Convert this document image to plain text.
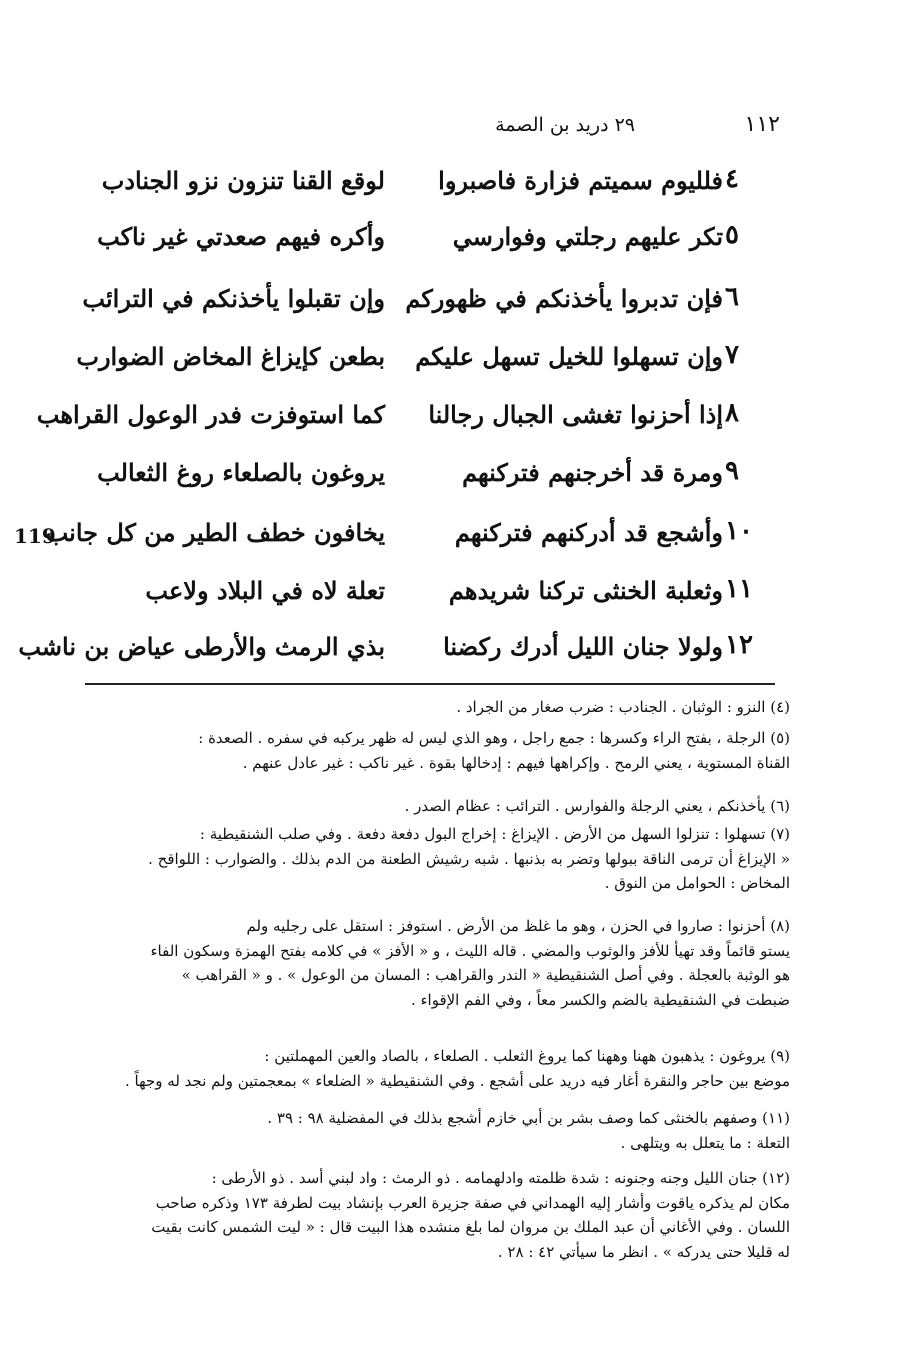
١١٢
٢٩ دريد بن الصمة
119
٤
فلليوم سميتم فزارة فاصبروا
لوقع القنا تنزون نزو الجنادب
٥
تكر عليهم رجلتي وفوارسي
وأكره فيهم صعدتي غير ناكب
٦
فإن تدبروا يأخذنكم في ظهوركم
وإن تقبلوا يأخذنكم في الترائب
٧
وإن تسهلوا للخيل تسهل عليكم
بطعن كإيزاغ المخاض الضوارب
٨
إذا أحزنوا تغشى الجبال رجالنا
كما استوفزت فدر الوعول القراهب
٩
ومرة قد أخرجنهم فتركنهم
يروغون بالصلعاء روغ الثعالب
١٠
وأشجع قد أدركنهم فتركنهم
يخافون خطف الطير من كل جانب
١١
وثعلبة الخنثى تركنا شريدهم
تعلة لاه في البلاد ولاعب
١٢
ولولا جنان الليل أدرك ركضنا
بذي الرمث والأرطى عياض بن ناشب

(٤) النزو : الوثبان . الجنادب : ضرب صغار من الجراد .

(٥) الرجلة ، بفتح الراء وكسرها : جمع راجل ، وهو الذي ليس له ظهر يركبه في سفره . الصعدة :

القناة المستوية ، يعني الرمح . وإكراهها فيهم : إدخالها بقوة . غير ناكب : غير عادل عنهم .

(٦) يأخذنكم ، يعني الرجلة والفوارس . الترائب : عظام الصدر .

(٧) تسهلوا : تنزلوا السهل من الأرض . الإيزاغ : إخراج البول دفعة دفعة . وفي صلب الشنقيطية :

« الإيزاغ أن ترمى الناقة ببولها وتضر به بذنبها . شبه رشيش الطعنة من الدم بذلك . والضوارب : اللواقح .

المخاض : الحوامل من النوق .

(٨) أحزنوا : صاروا في الحزن ، وهو ما غلظ من الأرض . استوفز : استقل على رجليه ولم

يستو قائماً وقد تهيأ للأفز والوثوب والمضي . قاله الليث ، و « الأفز » في كلامه بفتح الهمزة وسكون الفاء

هو الوثبة بالعجلة . وفي أصل الشنقيطية « الندر والقراهب : المسان من الوعول » . و « القراهب »

ضبطت في الشنقيطية بالضم والكسر معاً ، وفي الفم الإقواء .

(٩) يروغون : يذهبون ههنا وههنا كما يروغ الثعلب . الصلعاء ، بالصاد والعين المهملتين :

موضع بين حاجر والنقرة أغار فيه دريد على أشجع . وفي الشنقيطية « الضلعاء » بمعجمتين ولم نجد له وجهاً .

(١١) وصفهم بالخنثى كما وصف بشر بن أبي خازم أشجع بذلك في المفضلية ٩٨ : ٣٩ .

التعلة : ما يتعلل به ويتلهى .

(١٢) جنان الليل وجنه وجنونه : شدة ظلمته وادلهمامه . ذو الرمث : واد لبني أسد . ذو الأرطى :

مكان لم يذكره ياقوت وأشار إليه الهمداني في صفة جزيرة العرب بإنشاد بيت لطرفة ١٧٣ وذكره صاحب

اللسان . وفي الأغاني أن عبد الملك بن مروان لما بلغ منشده هذا البيت قال : « ليت الشمس كانت بقيت

له قليلا حتى يدركه » . انظر ما سيأتي ٤٢ : ٢٨ .
